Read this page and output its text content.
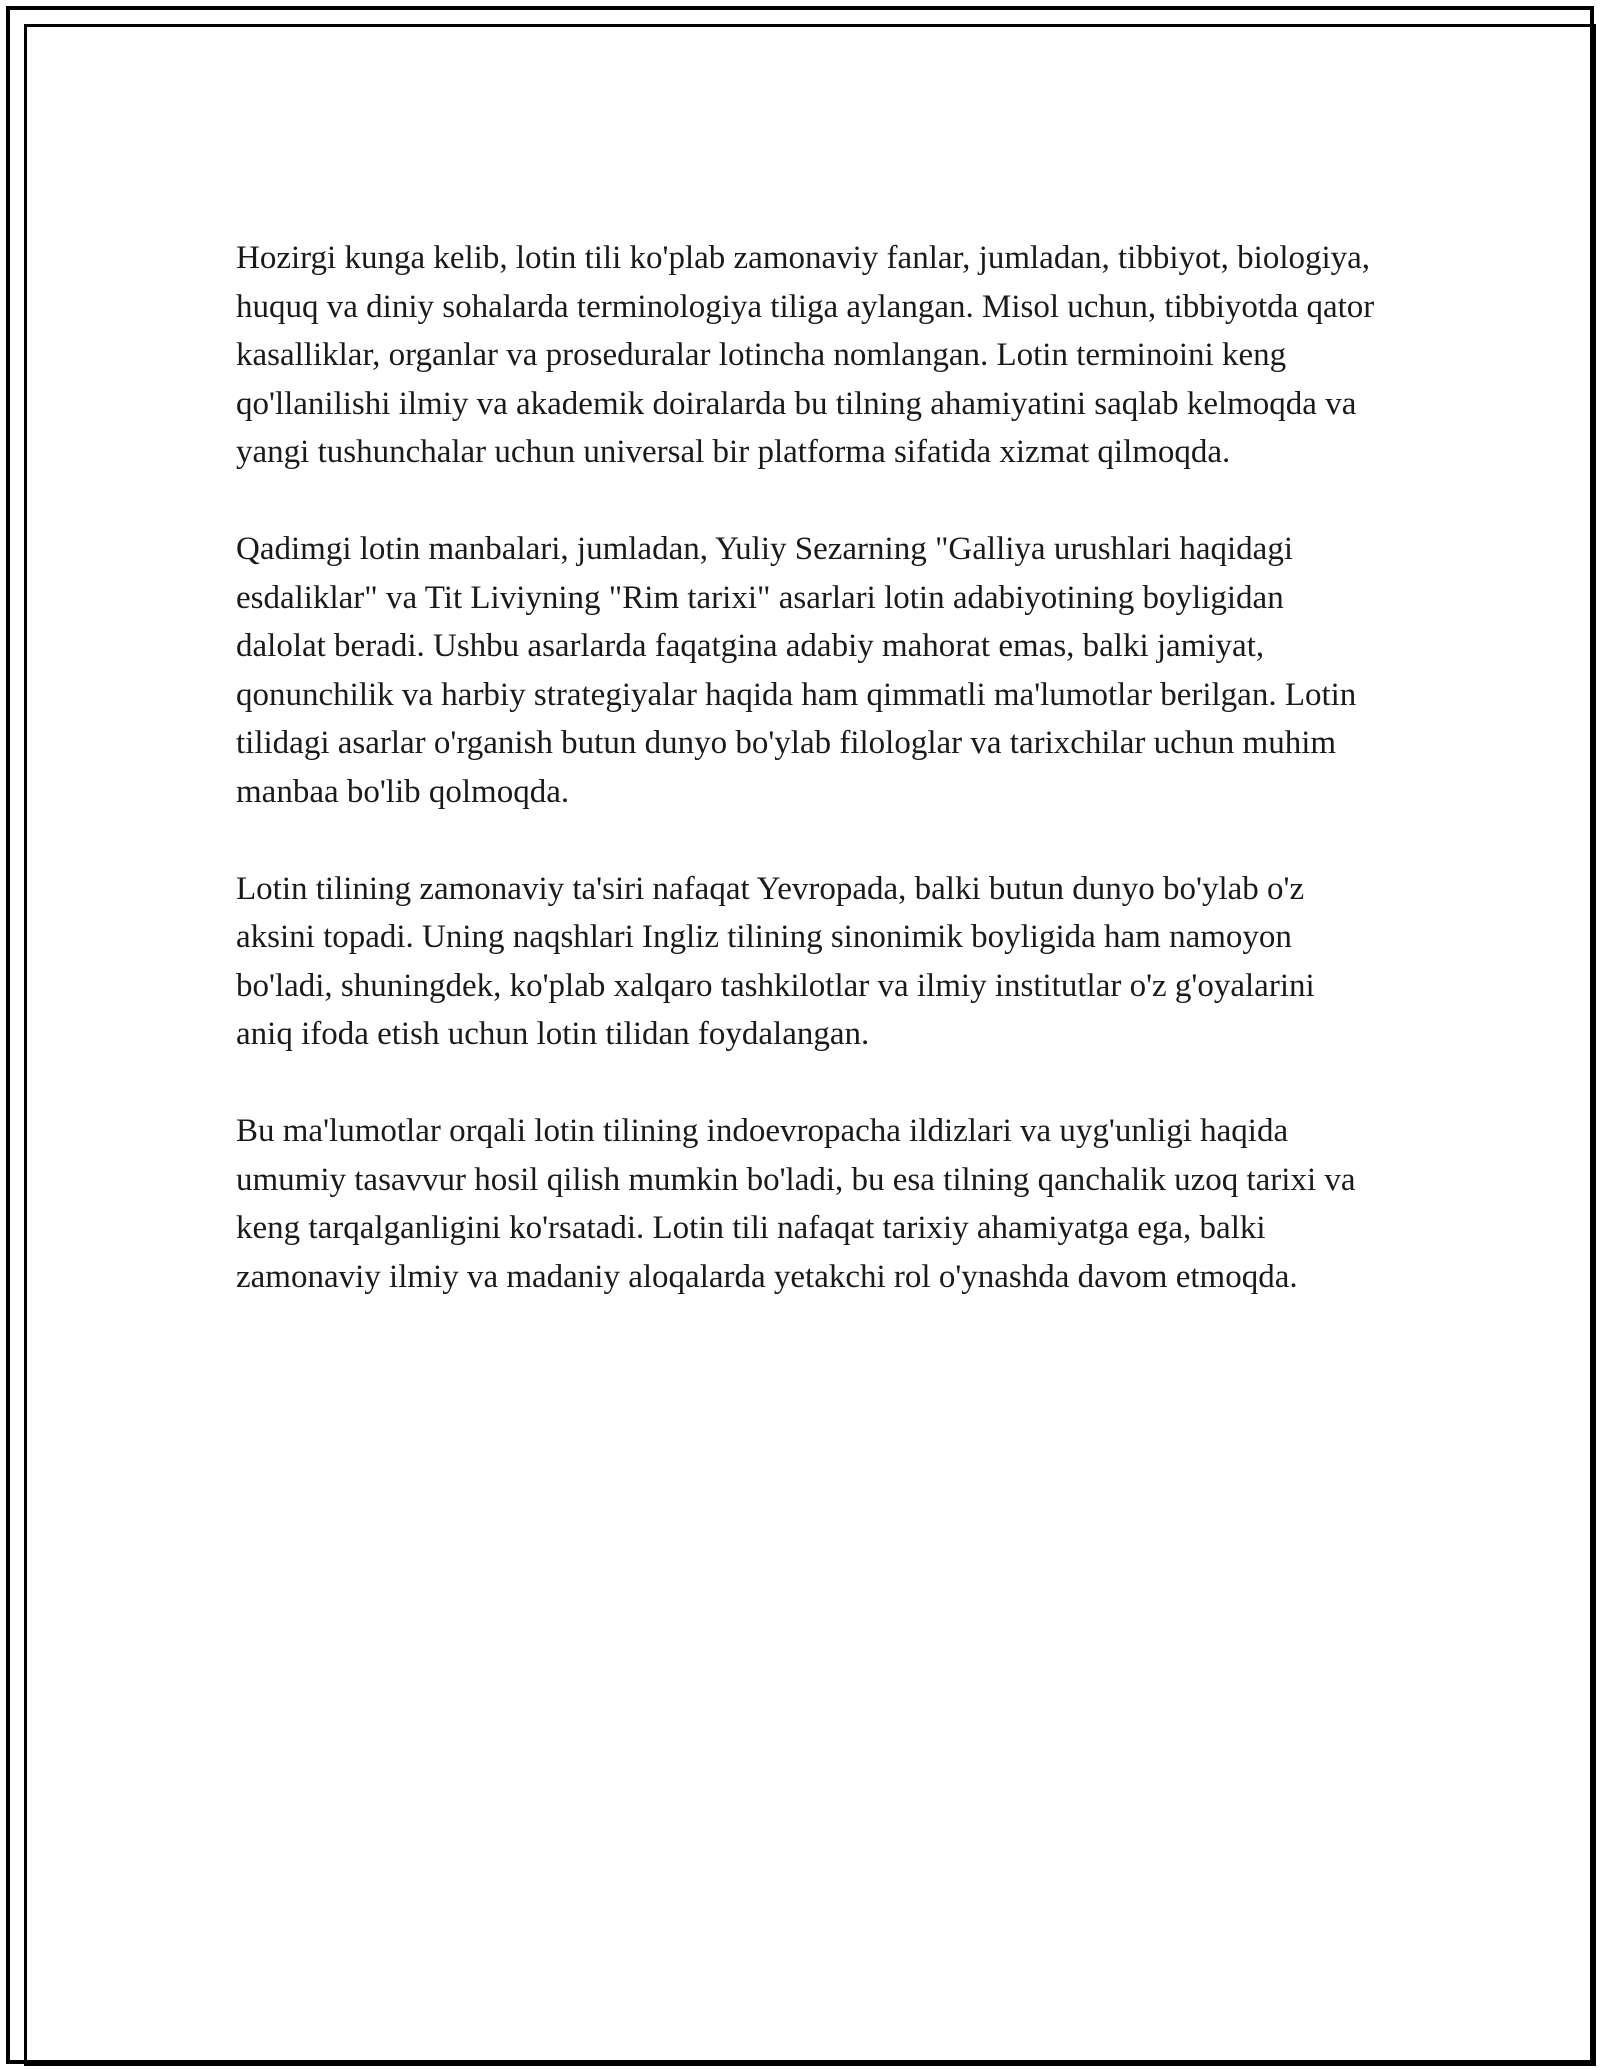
Hozirgi kunga kelib, lotin tili ko'plab zamonaviy fanlar, jumladan, tibbiyot, biologiya, huquq va diniy sohalarda terminologiya tiliga aylangan. Misol uchun, tibbiyotda qator kasalliklar, organlar va proseduralar lotincha nomlangan. Lotin terminoini keng qo'llanilishi ilmiy va akademik doiralarda bu tilning ahamiyatini saqlab kelmoqda va yangi tushunchalar uchun universal bir platforma sifatida xizmat qilmoqda.

Qadimgi lotin manbalari, jumladan, Yuliy Sezarning "Galliya urushlari haqidagi esdaliklar" va Tit Liviyning "Rim tarixi" asarlari lotin adabiyotining boyligidan dalolat beradi. Ushbu asarlarda faqatgina adabiy mahorat emas, balki jamiyat, qonunchilik va harbiy strategiyalar haqida ham qimmatli ma'lumotlar berilgan. Lotin tilidagi asarlar o'rganish butun dunyo bo'ylab filologlar va tarixchilar uchun muhim manbaa bo'lib qolmoqda.

Lotin tilining zamonaviy ta'siri nafaqat Yevropada, balki butun dunyo bo'ylab o'z aksini topadi. Uning naqshlari Ingliz tilining sinonimik boyligida ham namoyon bo'ladi, shuningdek, ko'plab xalqaro tashkilotlar va ilmiy institutlar o'z g'oyalarini aniq ifoda etish uchun lotin tilidan foydalangan.

Bu ma'lumotlar orqali lotin tilining indoevropacha ildizlari va uyg'unligi haqida umumiy tasavvur hosil qilish mumkin bo'ladi, bu esa tilning qanchalik uzoq tarixi va keng tarqalganligini ko'rsatadi. Lotin tili nafaqat tarixiy ahamiyatga ega, balki zamonaviy ilmiy va madaniy aloqalarda yetakchi rol o'ynashda davom etmoqda.
